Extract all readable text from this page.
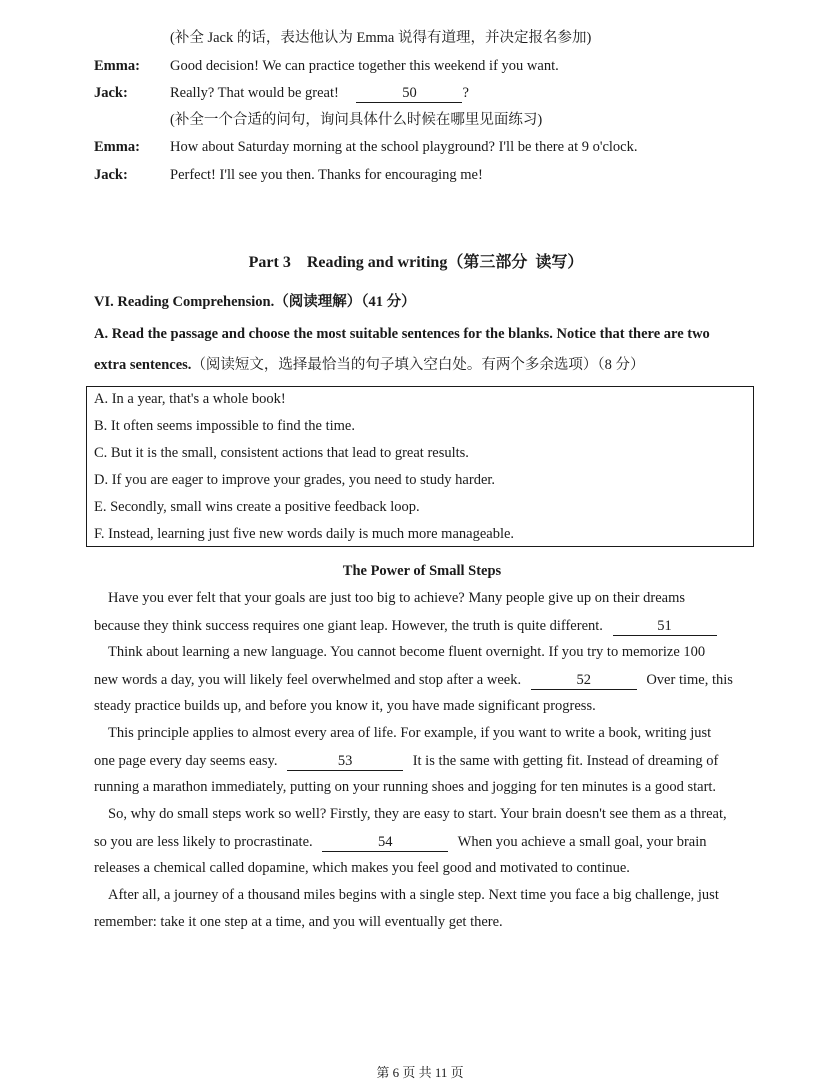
(补全 Jack 的话，表达他认为 Emma 说得有道理，并决定报名参加)
Emma: Good decision! We can practice together this weekend if you want.
Jack:	Really? That would be great!	50	?
(补全一个合适的问句，询问具体什么时候在哪里见面练习)
Emma: How about Saturday morning at the school playground? I'll be there at 9 o'clock.
Jack:	Perfect! I'll see you then. Thanks for encouraging me!
Part 3    Reading and writing（第三部分  读写）
VI. Reading Comprehension.（阅读理解）（41 分）
A. Read the passage and choose the most suitable sentences for the blanks. Notice that there are two
extra sentences.（阅读短文，选择最恰当的句子填入空白处。有两个多余选项）（8 分）
A. In a year, that's a whole book!
B. It often seems impossible to find the time.
C. But it is the small, consistent actions that lead to great results.
D. If you are eager to improve your grades, you need to study harder.
E. Secondly, small wins create a positive feedback loop.
F. Instead, learning just five new words daily is much more manageable.
The Power of Small Steps
Have you ever felt that your goals are just too big to achieve? Many people give up on their dreams
because they think success requires one giant leap. However, the truth is quite different.	51
Think about learning a new language. You cannot become fluent overnight. If you try to memorize 100
new words a day, you will likely feel overwhelmed and stop after a week.	52	Over time, this
steady practice builds up, and before you know it, you have made significant progress.
This principle applies to almost every area of life. For example, if you want to write a book, writing just
one page every day seems easy.	53	It is the same with getting fit. Instead of dreaming of
running a marathon immediately, putting on your running shoes and jogging for ten minutes is a good start.
So, why do small steps work so well? Firstly, they are easy to start. Your brain doesn't see them as a threat,
so you are less likely to procrastinate.	54	When you achieve a small goal, your brain
releases a chemical called dopamine, which makes you feel good and motivated to continue.
After all, a journey of a thousand miles begins with a single step. Next time you face a big challenge, just
remember: take it one step at a time, and you will eventually get there.
第 6 页 共 11 页
